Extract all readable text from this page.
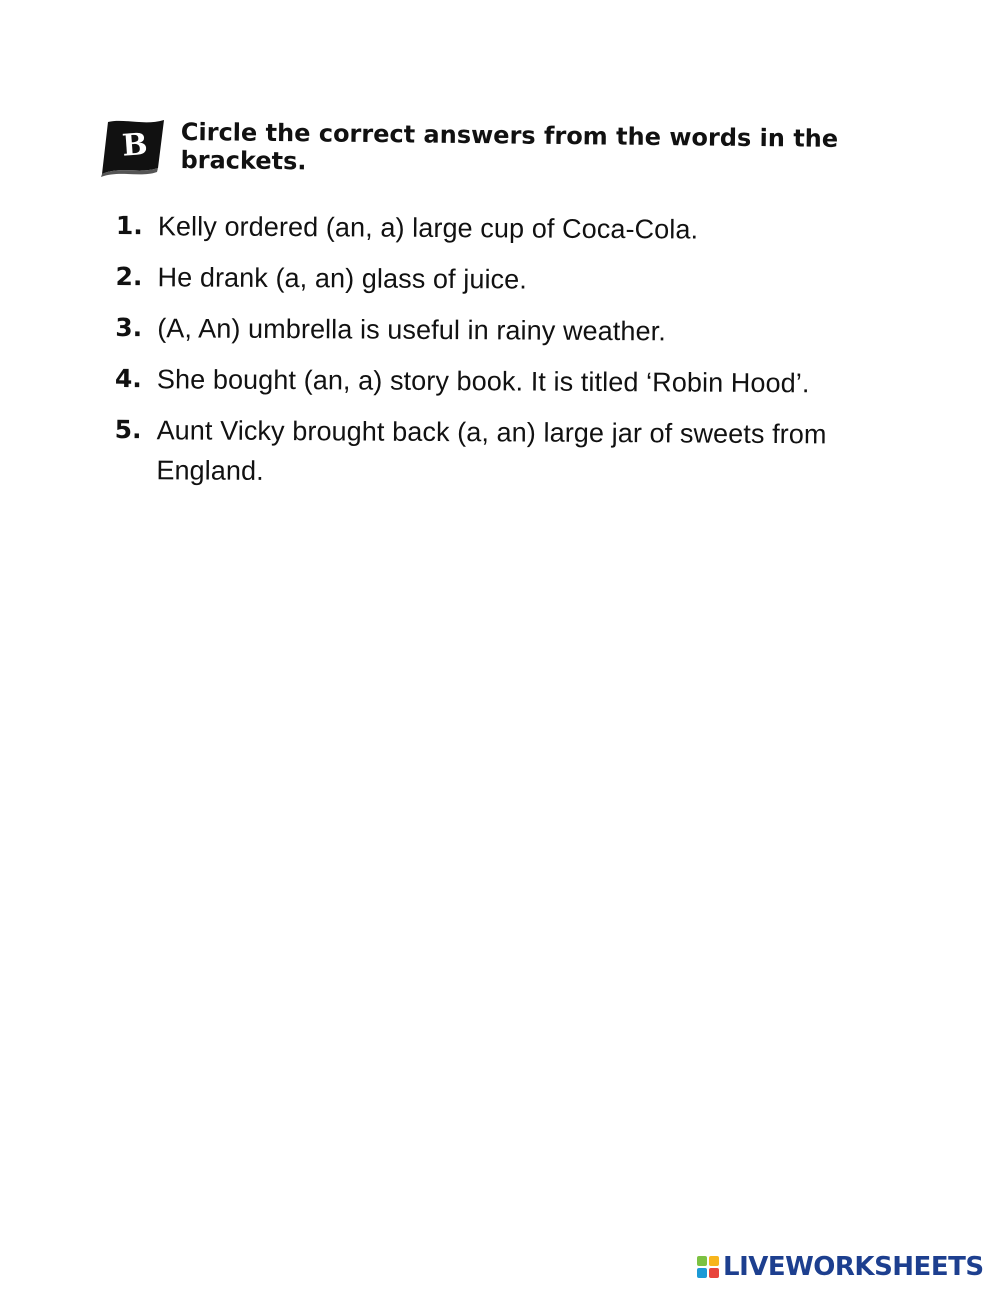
B	Circle the correct answers from the words in the brackets.
1. Kelly ordered (an, a) large cup of Coca-Cola.
2. He drank (a, an) glass of juice.
3. (A, An) umbrella is useful in rainy weather.
4. She bought (an, a) story book. It is titled ‘Robin Hood’.
5. Aunt Vicky brought back (a, an) large jar of sweets from England.
LIVEWORKSHEETS
